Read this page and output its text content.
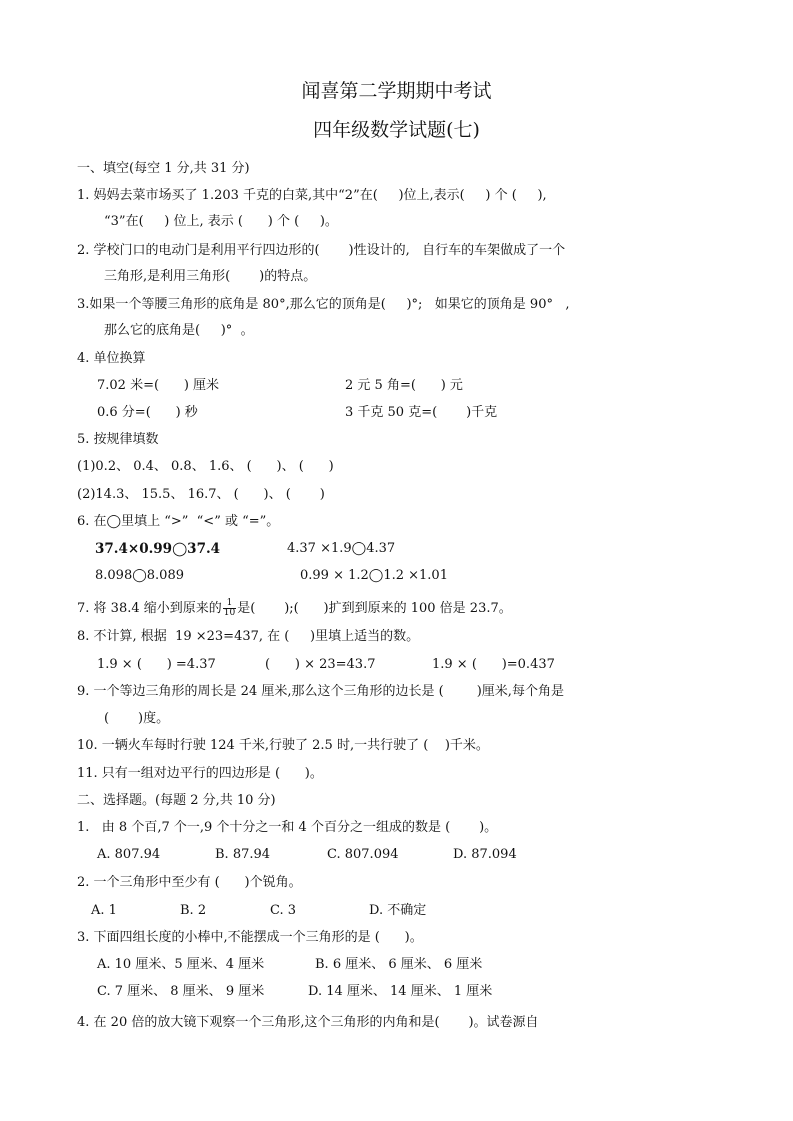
闻喜第二学期期中考试
四年级数学试题(七)
一、填空(每空 1 分,共 31 分)
1. 妈妈去菜市场买了 1.203 千克的白菜,其中“2”在(     )位上,表示(     ) 个 (     ),
“3”在(     ) 位上, 表示 (      ) 个 (     )。
2. 学校门口的电动门是利用平行四边形的(       )性设计的,   自行车的车架做成了一个
三角形,是利用三角形(       )的特点。
3.如果一个等腰三角形的底角是 80°,那么它的顶角是(     )°;   如果它的顶角是 90°   ,
那么它的底角是(     )°  。
4. 单位换算
7.02 米=(      ) 厘米	2 元 5 角=(      ) 元
0.6 分=(      ) 秒	3 千克 50 克=(       )千克
5. 按规律填数
(1)0.2、 0.4、 0.8、 1.6、 (      )、 (      )
(2)14.3、 15.5、 16.7、 (      )、 (       )
6. 在◯里填上 “>”  “<” 或 “=”。
37.4×0.99◯37.4	4.37 ×1.9◯4.37
8.098◯8.089	0.99 × 1.2◯1.2 ×1.01
7. 将 38.4 缩小到原来的 $\frac{1}{10}$ 是(       );(      )扩到到原来的 100 倍是 23.7。
8. 不计算, 根据  19 ×23=437, 在 (     )里填上适当的数。
1.9 × (      ) =4.37	(      ) × 23=43.7	1.9 × (      )=0.437
9. 一个等边三角形的周长是 24 厘米,那么这个三角形的边长是 (        )厘米,每个角是
(       )度。
10. 一辆火车每时行驶 124 千米,行驶了 2.5 时,一共行驶了 (    )千米。
11. 只有一组对边平行的四边形是 (      )。
二、选择题。(每题 2 分,共 10 分)
1.   由 8 个百,7 个一,9 个十分之一和 4 个百分之一组成的数是 (       )。
A. 807.94	B. 87.94	C. 807.094	D. 87.094
2. 一个三角形中至少有 (      )个锐角。
A. 1	B. 2	C. 3	D. 不确定
3. 下面四组长度的小棒中,不能摆成一个三角形的是 (      )。
A. 10 厘米、5 厘米、4 厘米	B. 6 厘米、 6 厘米、 6 厘米
C. 7 厘米、 8 厘米、 9 厘米	D. 14 厘米、 14 厘米、 1 厘米
4. 在 20 倍的放大镜下观察一个三角形,这个三角形的内角和是(       )。试卷源自
